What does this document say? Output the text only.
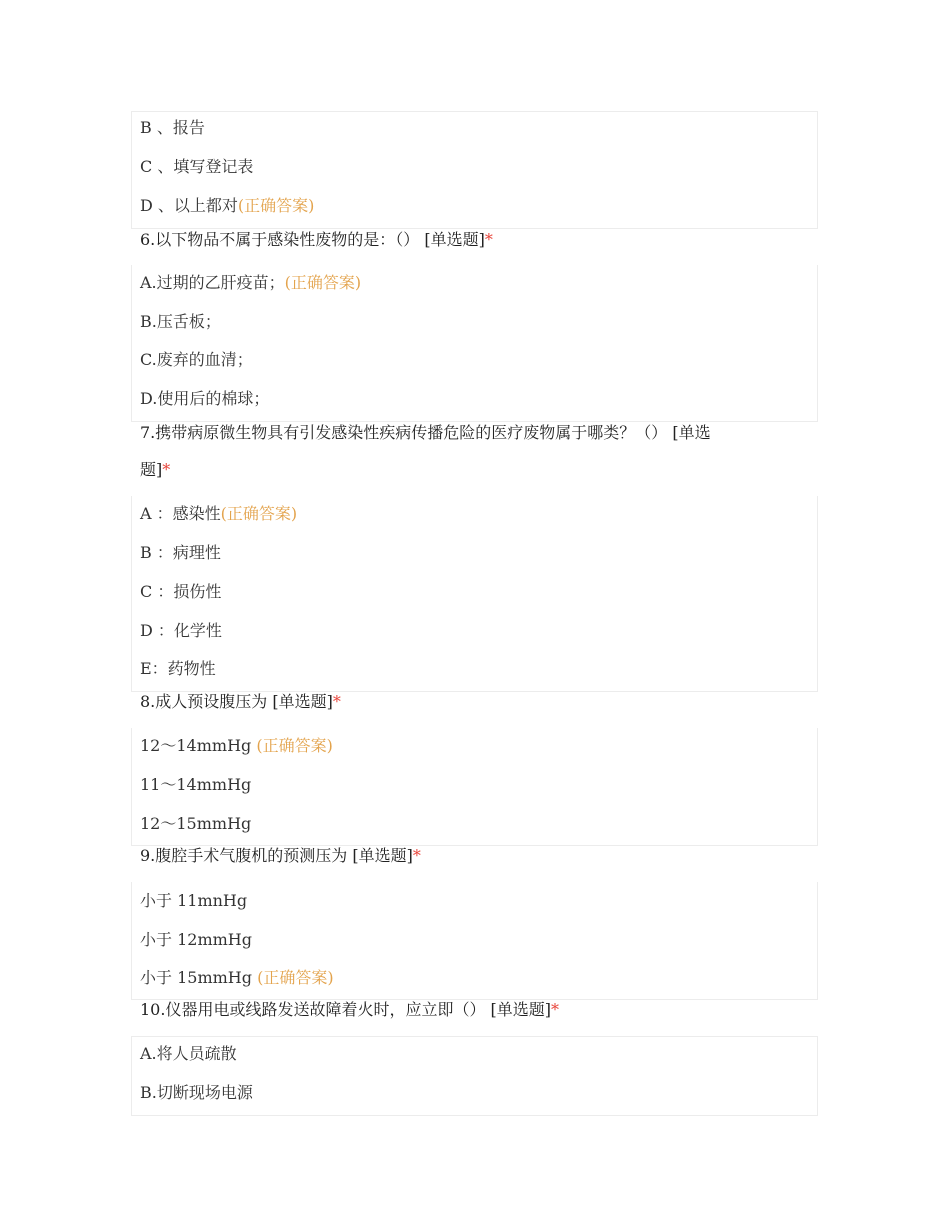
B 、报告
C 、填写登记表
D 、以上都对(正确答案)
6.以下物品不属于感染性废物的是：（） [单选题]*
A.过期的乙肝疫苗；(正确答案)
B.压舌板；
C.废弃的血清；
D.使用后的棉球；
7.携带病原微生物具有引发感染性疾病传播危险的医疗废物属于哪类？（） [单选
题]*
A ：感染性(正确答案)
B ：病理性
C ：损伤性
D ：化学性
E：药物性
8.成人预设腹压为 [单选题]*
12～14mmHg (正确答案)
11～14mmHg
12～15mmHg
9.腹腔手术气腹机的预测压为 [单选题]*
小于 11mnHg
小于 12mmHg
小于 15mmHg (正确答案)
10.仪器用电或线路发送故障着火时，应立即（） [单选题]*
A.将人员疏散
B.切断现场电源
